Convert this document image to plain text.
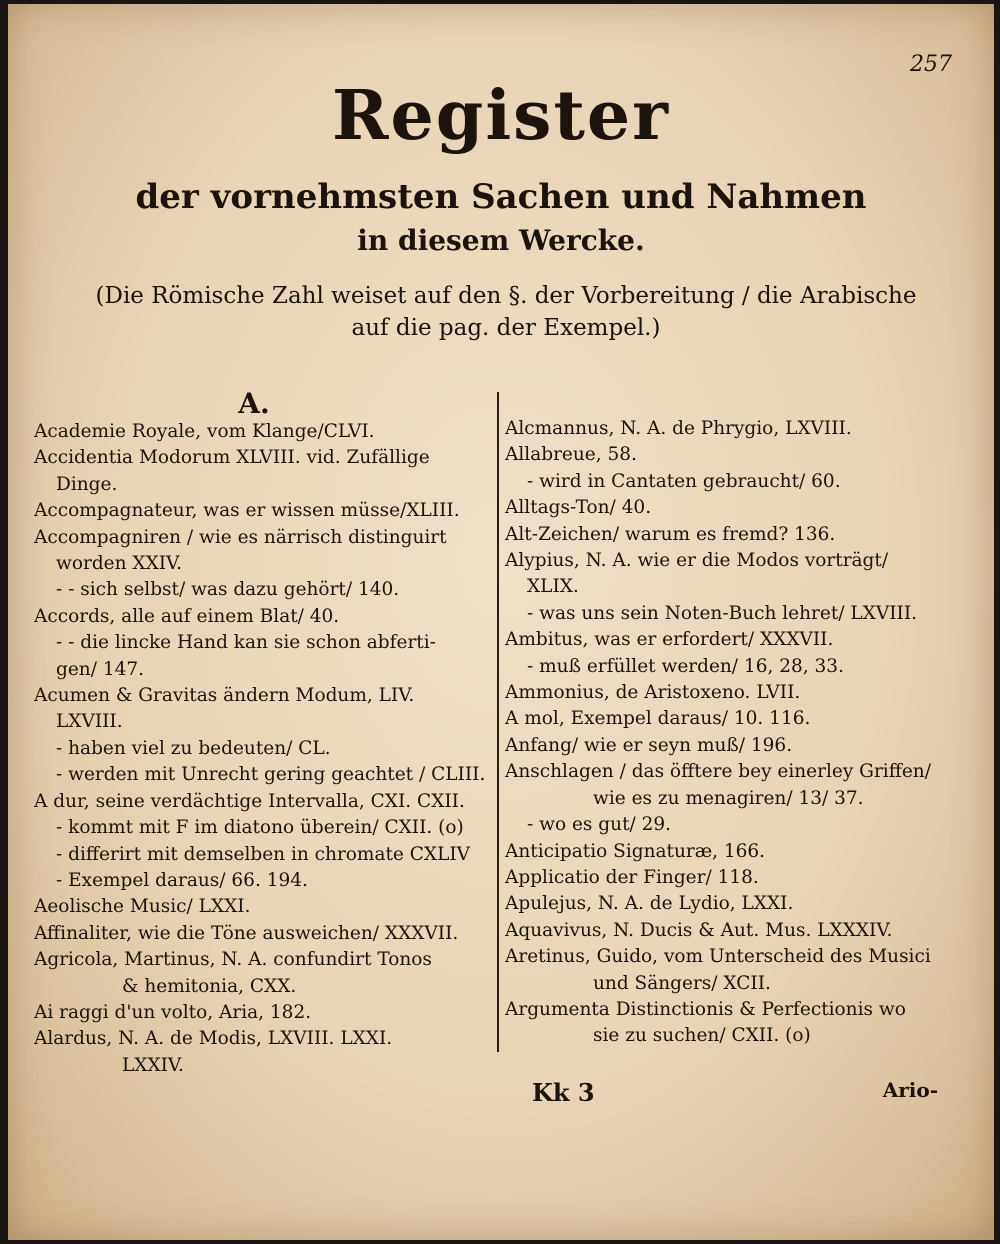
257
Register
der vornehmsten Sachen und Nahmen
in diesem Wercke.
(Die Römische Zahl weiset auf den §. der Vorbereitung / die Arabische
auf die pag. der Exempel.)
A.
Academie Royale, vom Klange/CLVI.
Accidentia Modorum XLVIII. vid. Zufällige
Dinge.
Accompagnateur, was er wissen müsse/XLIII.
Accompagniren / wie es närrisch distinguirt
worden XXIV.
- - sich selbst/ was dazu gehört/ 140.
Accords, alle auf einem Blat/ 40.
- - die lincke Hand kan sie schon abferti-
gen/ 147.
Acumen & Gravitas ändern Modum, LIV.
LXVIII.
- haben viel zu bedeuten/ CL.
- werden mit Unrecht gering geachtet / CLIII.
A dur, seine verdächtige Intervalla, CXI. CXII.
- kommt mit F im diatono überein/ CXII. (o)
- differirt mit demselben in chromate CXLIV
- Exempel daraus/ 66. 194.
Aeolische Music/ LXXI.
Affinaliter, wie die Töne ausweichen/ XXXVII.
Agricola, Martinus, N. A. confundirt Tonos
& hemitonia, CXX.
Ai raggi d'un volto, Aria, 182.
Alardus, N. A. de Modis, LXVIII. LXXI.
LXXIV.
Alcmannus, N. A. de Phrygio, LXVIII.
Allabreue, 58.
- wird in Cantaten gebraucht/ 60.
Alltags-Ton/ 40.
Alt-Zeichen/ warum es fremd? 136.
Alypius, N. A. wie er die Modos vorträgt/
XLIX.
- was uns sein Noten-Buch lehret/ LXVIII.
Ambitus, was er erfordert/ XXXVII.
- muß erfüllet werden/ 16, 28, 33.
Ammonius, de Aristoxeno. LVII.
A mol, Exempel daraus/ 10. 116.
Anfang/ wie er seyn muß/ 196.
Anschlagen / das öfftere bey einerley Griffen/
wie es zu menagiren/ 13/ 37.
- wo es gut/ 29.
Anticipatio Signaturæ, 166.
Applicatio der Finger/ 118.
Apulejus, N. A. de Lydio, LXXI.
Aquavivus, N. Ducis & Aut. Mus. LXXXIV.
Aretinus, Guido, vom Unterscheid des Musici
und Sängers/ XCII.
Argumenta Distinctionis & Perfectionis wo
sie zu suchen/ CXII. (o)
Kk 3	Ario-
